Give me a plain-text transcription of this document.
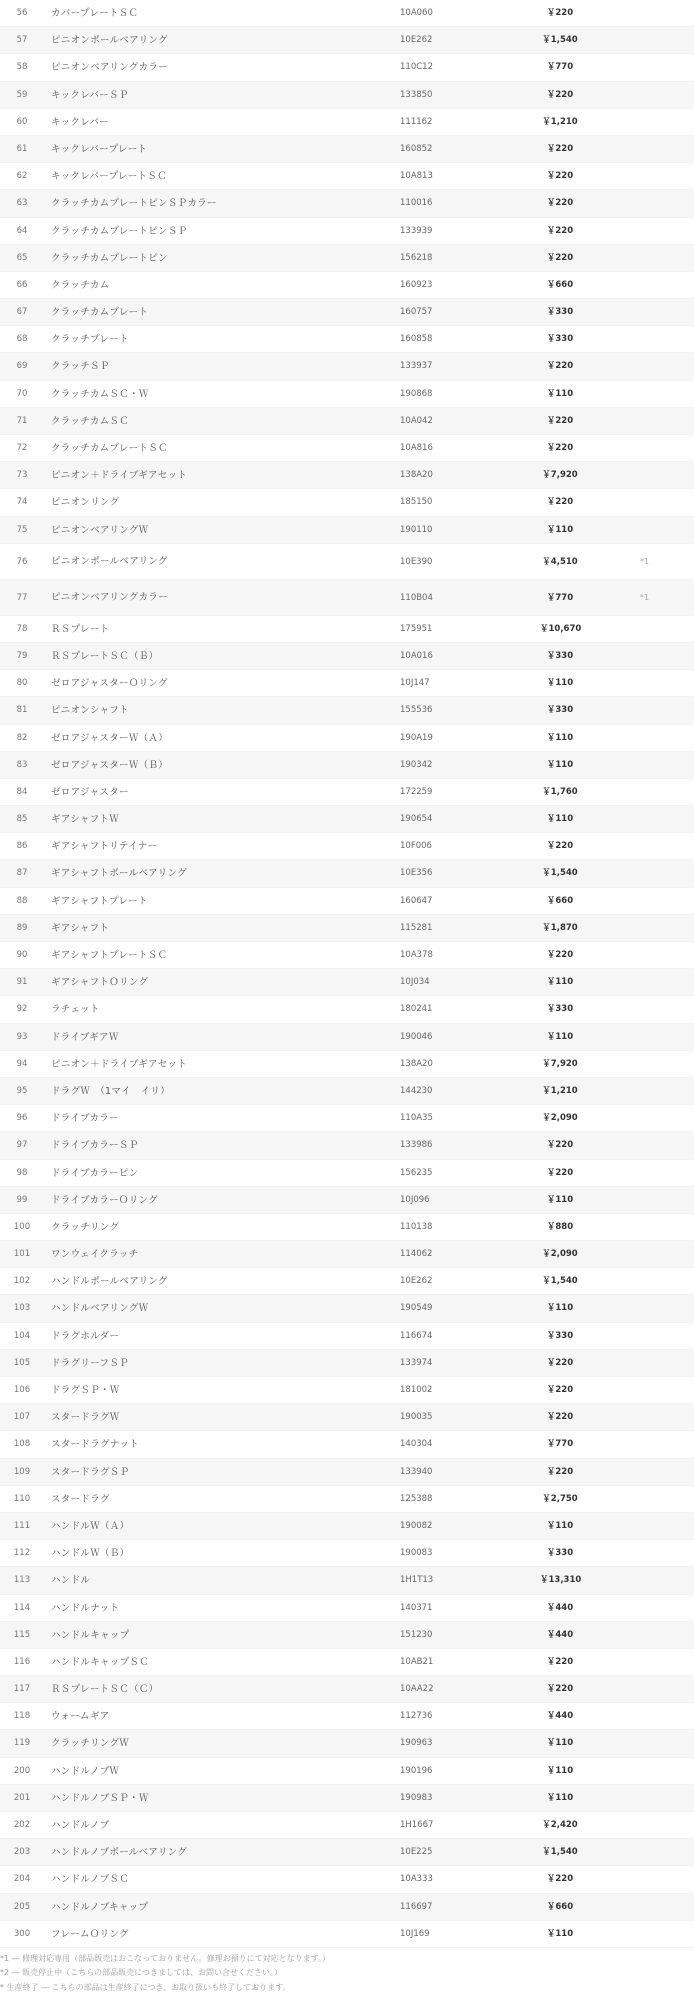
56	カバープレートＳＣ	10A060	￥220
57	ピニオンボールベアリング	10E262	￥1,540
58	ピニオンベアリングカラー	110C12	￥770
59	キックレバーＳＰ	133850	￥220
60	キックレバー	111162	￥1,210
61	キックレバープレート	160852	￥220
62	キックレバープレートＳＣ	10A813	￥220
63	クラッチカムプレートピンＳＰカラー	110016	￥220
64	クラッチカムプレートピンＳＰ	133939	￥220
65	クラッチカムプレートピン	156218	￥220
66	クラッチカム	160923	￥660
67	クラッチカムプレート	160757	￥330
68	クラッチプレート	160858	￥330
69	クラッチＳＰ	133937	￥220
70	クラッチカムＳＣ・Ｗ	190868	￥110
71	クラッチカムＳＣ	10A042	￥220
72	クラッチカムプレートＳＣ	10A816	￥220
73	ピニオン＋ドライブギアセット	138A20	￥7,920
74	ピニオンリング	185150	￥220
75	ピニオンベアリングＷ	190110	￥110
76	ピニオンボールベアリング	10E390	￥4,510	*1
77	ピニオンベアリングカラー	110B04	￥770	*1
78	ＲＳプレート	175951	￥10,670
79	ＲＳプレートＳＣ（Ｂ）	10A016	￥330
80	ゼロアジャスターＯリング	10J147	￥110
81	ピニオンシャフト	155536	￥330
82	ゼロアジャスターＷ（Ａ）	190A19	￥110
83	ゼロアジャスターＷ（Ｂ）	190342	￥110
84	ゼロアジャスター	172259	￥1,760
85	ギアシャフトＷ	190654	￥110
86	ギアシャフトリテイナー	10F006	￥220
87	ギアシャフトボールベアリング	10E356	￥1,540
88	ギアシャフトプレート	160647	￥660
89	ギアシャフト	115281	￥1,870
90	ギアシャフトプレートＳＣ	10A378	￥220
91	ギアシャフトＯリング	10J034	￥110
92	ラチェット	180241	￥330
93	ドライブギアＷ	190046	￥110
94	ピニオン＋ドライブギアセット	138A20	￥7,920
95	ドラグＷ　（1マイ　イリ）	144230	￥1,210
96	ドライブカラー	110A35	￥2,090
97	ドライブカラーＳＰ	133986	￥220
98	ドライブカラーピン	156235	￥220
99	ドライブカラーＯリング	10J096	￥110
100	クラッチリング	110138	￥880
101	ワンウェイクラッチ	114062	￥2,090
102	ハンドルボールベアリング	10E262	￥1,540
103	ハンドルベアリングＷ	190549	￥110
104	ドラグホルダー	116674	￥330
105	ドラグリーフＳＰ	133974	￥220
106	ドラグＳＰ・Ｗ	181002	￥220
107	スタードラグＷ	190035	￥220
108	スタードラグナット	140304	￥770
109	スタードラグＳＰ	133940	￥220
110	スタードラグ	125388	￥2,750
111	ハンドルＷ（Ａ）	190082	￥110
112	ハンドルＷ（Ｂ）	190083	￥330
113	ハンドル	1H1T13	￥13,310
114	ハンドルナット	140371	￥440
115	ハンドルキャップ	151230	￥440
116	ハンドルキャップＳＣ	10AB21	￥220
117	ＲＳプレートＳＣ（Ｃ）	10AA22	￥220
118	ウォームギア	112736	￥440
119	クラッチリングＷ	190963	￥110
200	ハンドルノブＷ	190196	￥110
201	ハンドルノブＳＰ・Ｗ	190983	￥110
202	ハンドルノブ	1H1667	￥2,420
203	ハンドルノブボールベアリング	10E225	￥1,540
204	ハンドルノブＳＣ	10A333	￥220
205	ハンドルノブキャップ	116697	￥660
300	フレームＯリング	10J169	￥110
*1 ― 修理対応専用（部品販売はおこなっておりません。修理お預りにて対応となります。）
*2 ― 販売停止中（こちらの部品販売につきましては、お問い合せください。）
* 生産終了 ― こちらの部品は生産終了につき、お取り扱いも終了しております。
